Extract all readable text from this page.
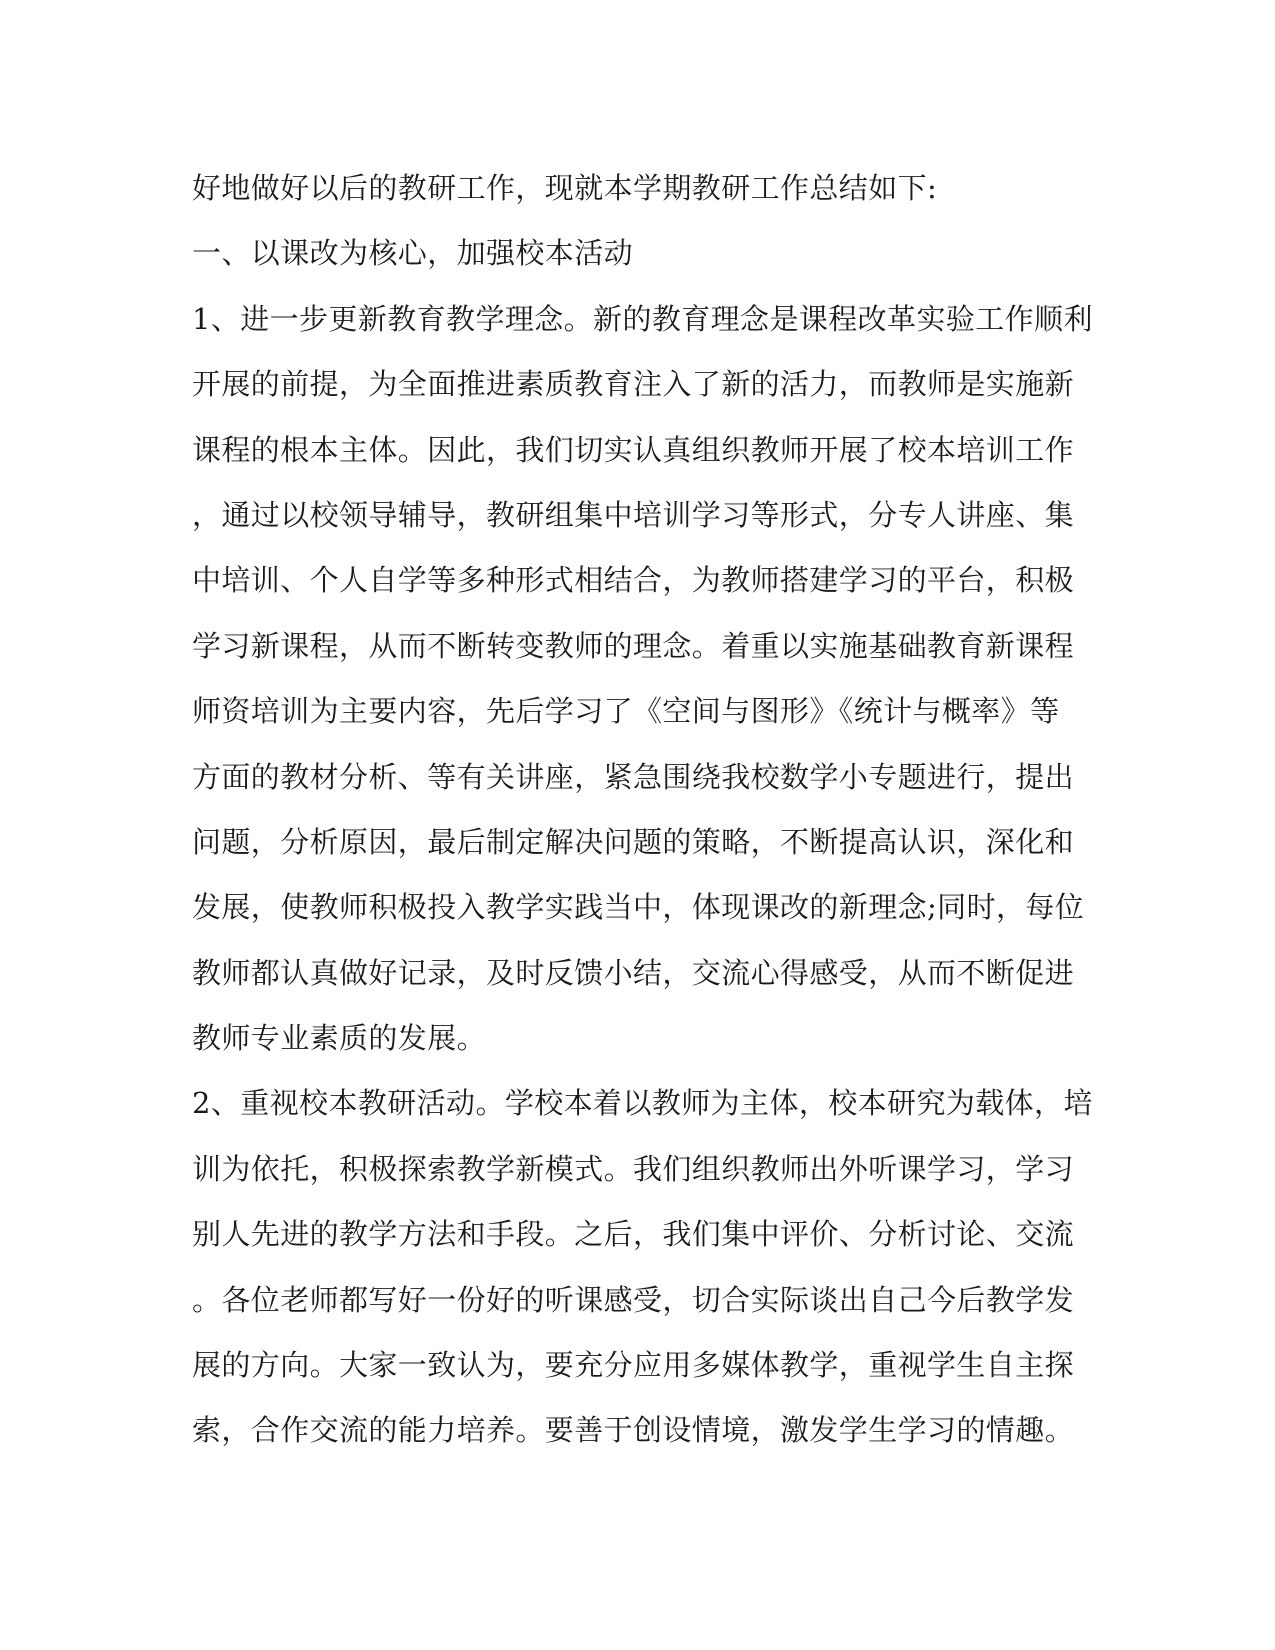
好地做好以后的教研工作，现就本学期教研工作总结如下:
一、以课改为核心，加强校本活动
1、进一步更新教育教学理念。新的教育理念是课程改革实验工作顺利
开展的前提，为全面推进素质教育注入了新的活力，而教师是实施新
课程的根本主体。因此，我们切实认真组织教师开展了校本培训工作
，通过以校领导辅导，教研组集中培训学习等形式，分专人讲座、集
中培训、个人自学等多种形式相结合，为教师搭建学习的平台，积极
学习新课程，从而不断转变教师的理念。着重以实施基础教育新课程
师资培训为主要内容，先后学习了《空间与图形》《统计与概率》等
方面的教材分析、等有关讲座，紧急围绕我校数学小专题进行，提出
问题，分析原因，最后制定解决问题的策略，不断提高认识，深化和
发展，使教师积极投入教学实践当中，体现课改的新理念;同时，每位
教师都认真做好记录，及时反馈小结，交流心得感受，从而不断促进
教师专业素质的发展。
2、重视校本教研活动。学校本着以教师为主体，校本研究为载体，培
训为依托，积极探索教学新模式。我们组织教师出外听课学习，学习
别人先进的教学方法和手段。之后，我们集中评价、分析讨论、交流
。各位老师都写好一份好的听课感受，切合实际谈出自己今后教学发
展的方向。大家一致认为，要充分应用多媒体教学，重视学生自主探
索，合作交流的能力培养。要善于创设情境，激发学生学习的情趣。
